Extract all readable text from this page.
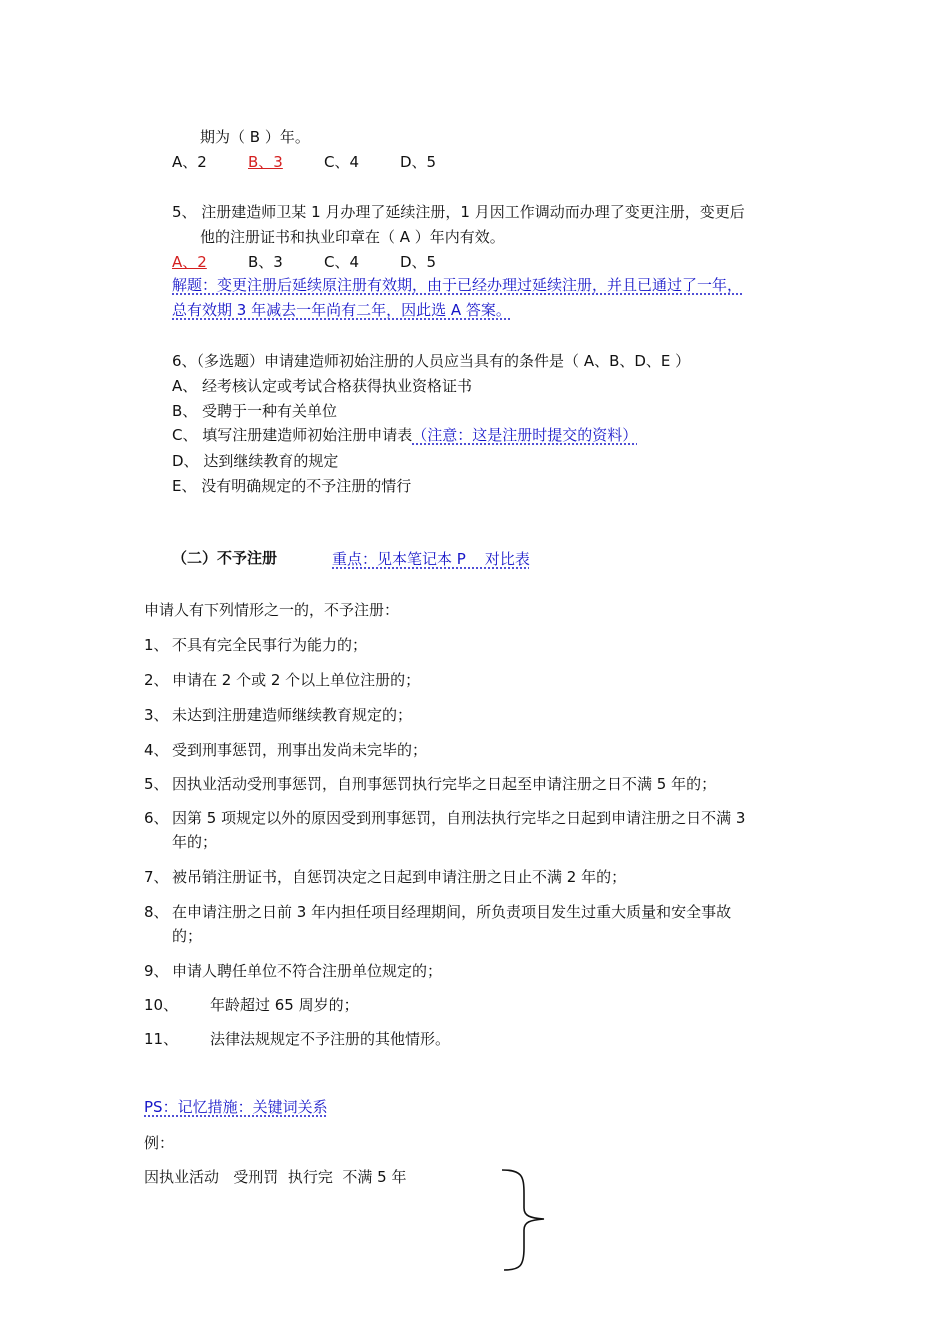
期为（ B ）年。
A、2	B、3	C、4	D、5
5、 注册建造师卫某 1 月办理了延续注册，1 月因工作调动而办理了变更注册，变更后
他的注册证书和执业印章在（ A ）年内有效。
A、2	B、3	C、4	D、5
解题：变更注册后延续原注册有效期，由于已经办理过延续注册，并且已通过了一年，
总有效期 3 年减去一年尚有二年，因此选 A 答案。
6、（多选题）申请建造师初始注册的人员应当具有的条件是（ A、B、D、E ）
A、 经考核认定或考试合格获得执业资格证书
B、 受聘于一种有关单位
C、 填写注册建造师初始注册申请表（注意：这是注册时提交的资料）
D、 达到继续教育的规定
E、 没有明确规定的不予注册的情行
（二）不予注册	重点：见本笔记本 P    对比表
申请人有下列情形之一的，不予注册：
1、 不具有完全民事行为能力的；
2、 申请在 2 个或 2 个以上单位注册的；
3、 未达到注册建造师继续教育规定的；
4、 受到刑事惩罚，刑事出发尚未完毕的；
5、 因执业活动受刑事惩罚，自刑事惩罚执行完毕之日起至申请注册之日不满 5 年的；
6、 因第 5 项规定以外的原因受到刑事惩罚，自刑法执行完毕之日起到申请注册之日不满 3
年的；
7、 被吊销注册证书，自惩罚决定之日起到申请注册之日止不满 2 年的；
8、 在申请注册之日前 3 年内担任项目经理期间，所负责项目发生过重大质量和安全事故
的；
9、 申请人聘任单位不符合注册单位规定的；
10、 年龄超过 65 周岁的；
11、 法律法规规定不予注册的其他情形。
PS：记忆措施：关键词关系
例：
因执业活动   受刑罚  执行完  不满 5 年
